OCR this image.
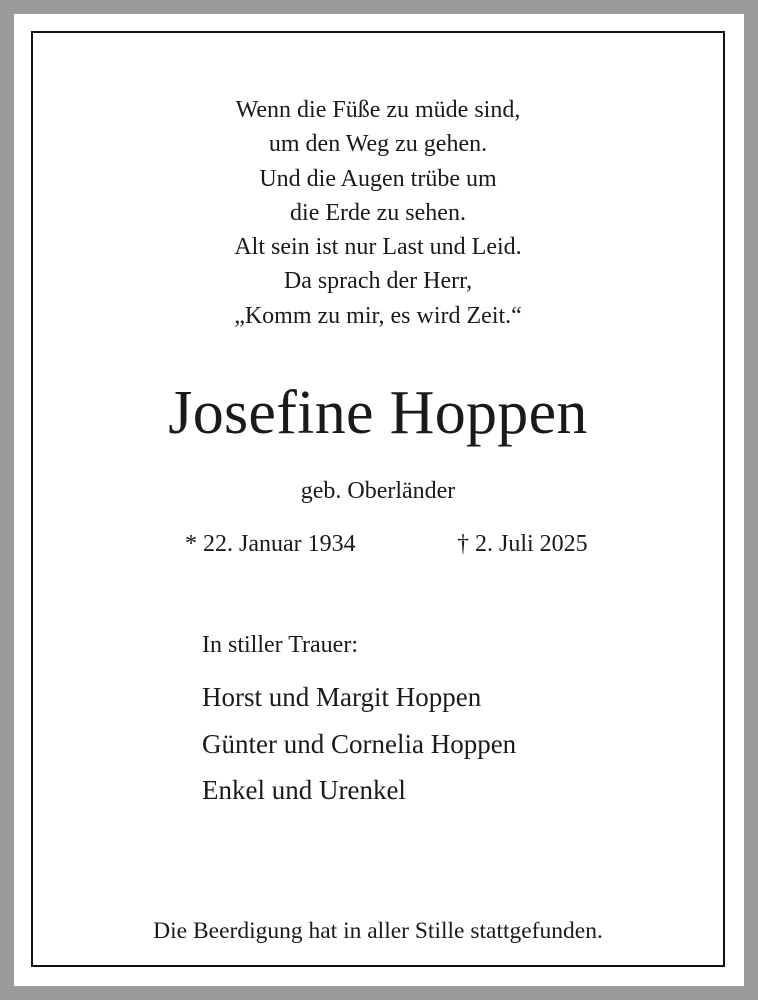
Wenn die Füße zu müde sind,
um den Weg zu gehen.
Und die Augen trübe um
die Erde zu sehen.
Alt sein ist nur Last und Leid.
Da sprach der Herr,
„Komm zu mir, es wird Zeit.“
Josefine Hoppen
geb. Oberländer
* 22. Januar 1934	† 2. Juli 2025
In stiller Trauer:
Horst und Margit Hoppen
Günter und Cornelia Hoppen
Enkel und Urenkel
Die Beerdigung hat in aller Stille stattgefunden.
